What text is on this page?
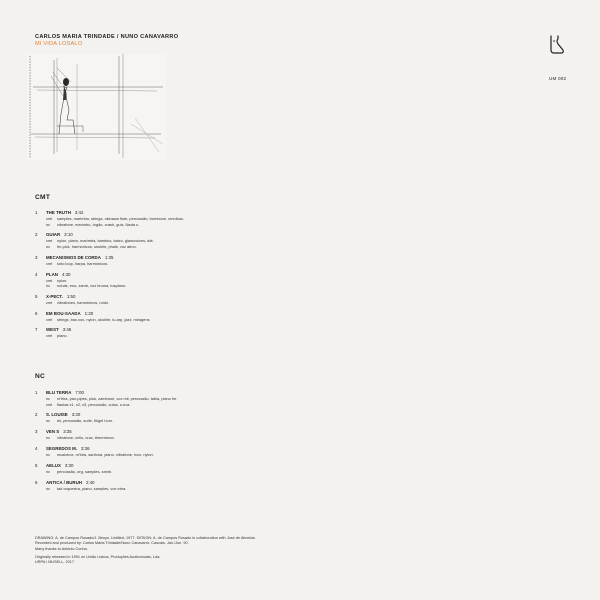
CARLOS MARIA TRINDADE / NUNO CANAVARRO
MI VIDA LOSALO
UM 002
CMT
1 THE TRUTH 3:42
cmt samples, marimba, strings, okinawa flute, percussão, trombone, omnibus.
nc vibrafone, marimbo, órgão, crash, guiz, flauta u.
2 GUIAR 3:10
cmt nylon, piano, marimba, bambus, baixo, glassvoices, dát.
nc fm-pick, harmónicos, ukulele, phaik, voz atmo.
3 MECANISMOS DE CORDA 1:35
cmt koto loop, harpa, harmónicos.
4 PLAN 4:30
cmt nylon.
nc nohak, eoo, zamb, voz bruma, tuspiano.
5 X-PECT. 1:50
cmt vibrafones, harmónicos, ruído
6 EM BOU-SAADA 1:30
cmt strings, bax-vox, nylon, ukulele, lu-arp, jazz, miragens
7 WEST 3:45
cmt piano.
NC
1 BLU TERRA 7:00
nc m'bira, pan-pipes, pluk, zamboori, vox mil, percussão, tabla, piano fm.
cmt flautas x1, x2, x3, percussão, cuica, u-eoz.
2 S. LOUISE 3:30
nc ek, percussão, suíte, flügel horn.
3 VEN S 3:35
nc vibrafone, cello, crac, theremivox.
4 SEGREDOS M. 3:36
nc musicbox, m'bira, sanfona, piano, vibrafone, tvox, nylon.
5 AELUX 3:30
nc percussão, org, samples, zamb.
6 ANTICA / BURUH 2:40
nc tad orquestra, piano, samples, vox etna.
DRAWING: A. de Campos Rosado/J. Beuys. Untitled, 1977. DESIGN: A. de Campos Rosado in collaboration with José de Almeida.
Recorded and produced by: Carlos Maria Trindade/Nuno Canavarro. Cascais, Jan./Jun. 90.
Many thanks to António Cunha.
Originally released in 1991 on União Lisboa, Produções Audiovisuais, Lda.
URPA I MUSELL, 2017
